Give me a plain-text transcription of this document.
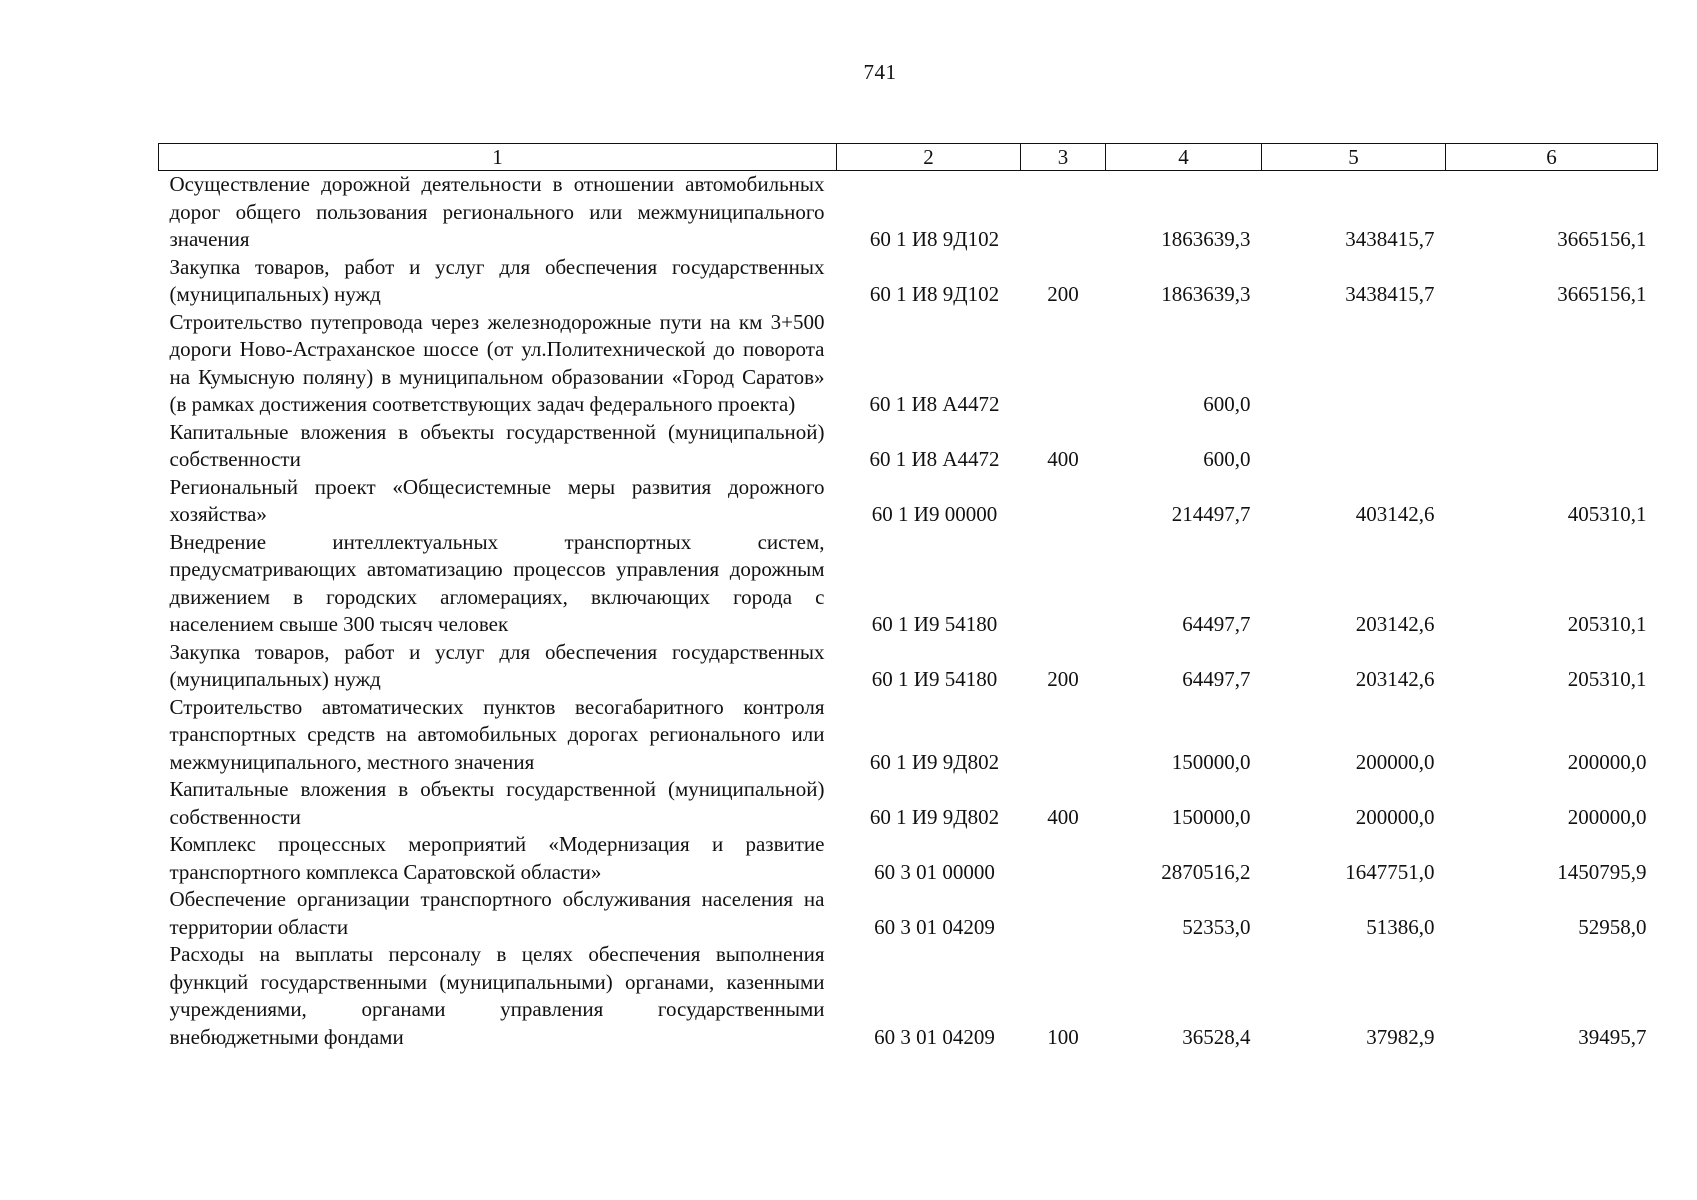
741
1	2	3	4	5	6
Осуществление дорожной деятельности в отношении автомобильных дорог общего пользования регионального или межмуниципального значения	60 1 И8 9Д102		1863639,3	3438415,7	3665156,1
Закупка товаров, работ и услуг для обеспечения государственных (муниципальных) нужд	60 1 И8 9Д102	200	1863639,3	3438415,7	3665156,1
Строительство путепровода через железнодорожные пути на км 3+500 дороги Ново-Астраханское шоссе (от ул.Политехнической до поворота на Кумысную поляну) в муниципальном образовании «Город Саратов» (в рамках достижения соответствующих задач федерального проекта)	60 1 И8 А4472		600,0		
Капитальные вложения в объекты государственной (муниципальной) собственности	60 1 И8 А4472	400	600,0		
Региональный проект «Общесистемные меры развития дорожного хозяйства»	60 1 И9 00000		214497,7	403142,6	405310,1
Внедрение интеллектуальных транспортных систем, предусматривающих автоматизацию процессов управления дорожным движением в городских агломерациях, включающих города с населением свыше 300 тысяч человек	60 1 И9 54180		64497,7	203142,6	205310,1
Закупка товаров, работ и услуг для обеспечения государственных (муниципальных) нужд	60 1 И9 54180	200	64497,7	203142,6	205310,1
Строительство автоматических пунктов весогабаритного контроля транспортных средств на автомобильных дорогах регионального или межмуниципального, местного значения	60 1 И9 9Д802		150000,0	200000,0	200000,0
Капитальные вложения в объекты государственной (муниципальной) собственности	60 1 И9 9Д802	400	150000,0	200000,0	200000,0
Комплекс процессных мероприятий «Модернизация и развитие транспортного комплекса Саратовской области»	60 3 01 00000		2870516,2	1647751,0	1450795,9
Обеспечение организации транспортного обслуживания населения на территории области	60 3 01 04209		52353,0	51386,0	52958,0
Расходы на выплаты персоналу в целях обеспечения выполнения функций государственными (муниципальными) органами, казенными учреждениями, органами управления государственными внебюджетными фондами	60 3 01 04209	100	36528,4	37982,9	39495,7
